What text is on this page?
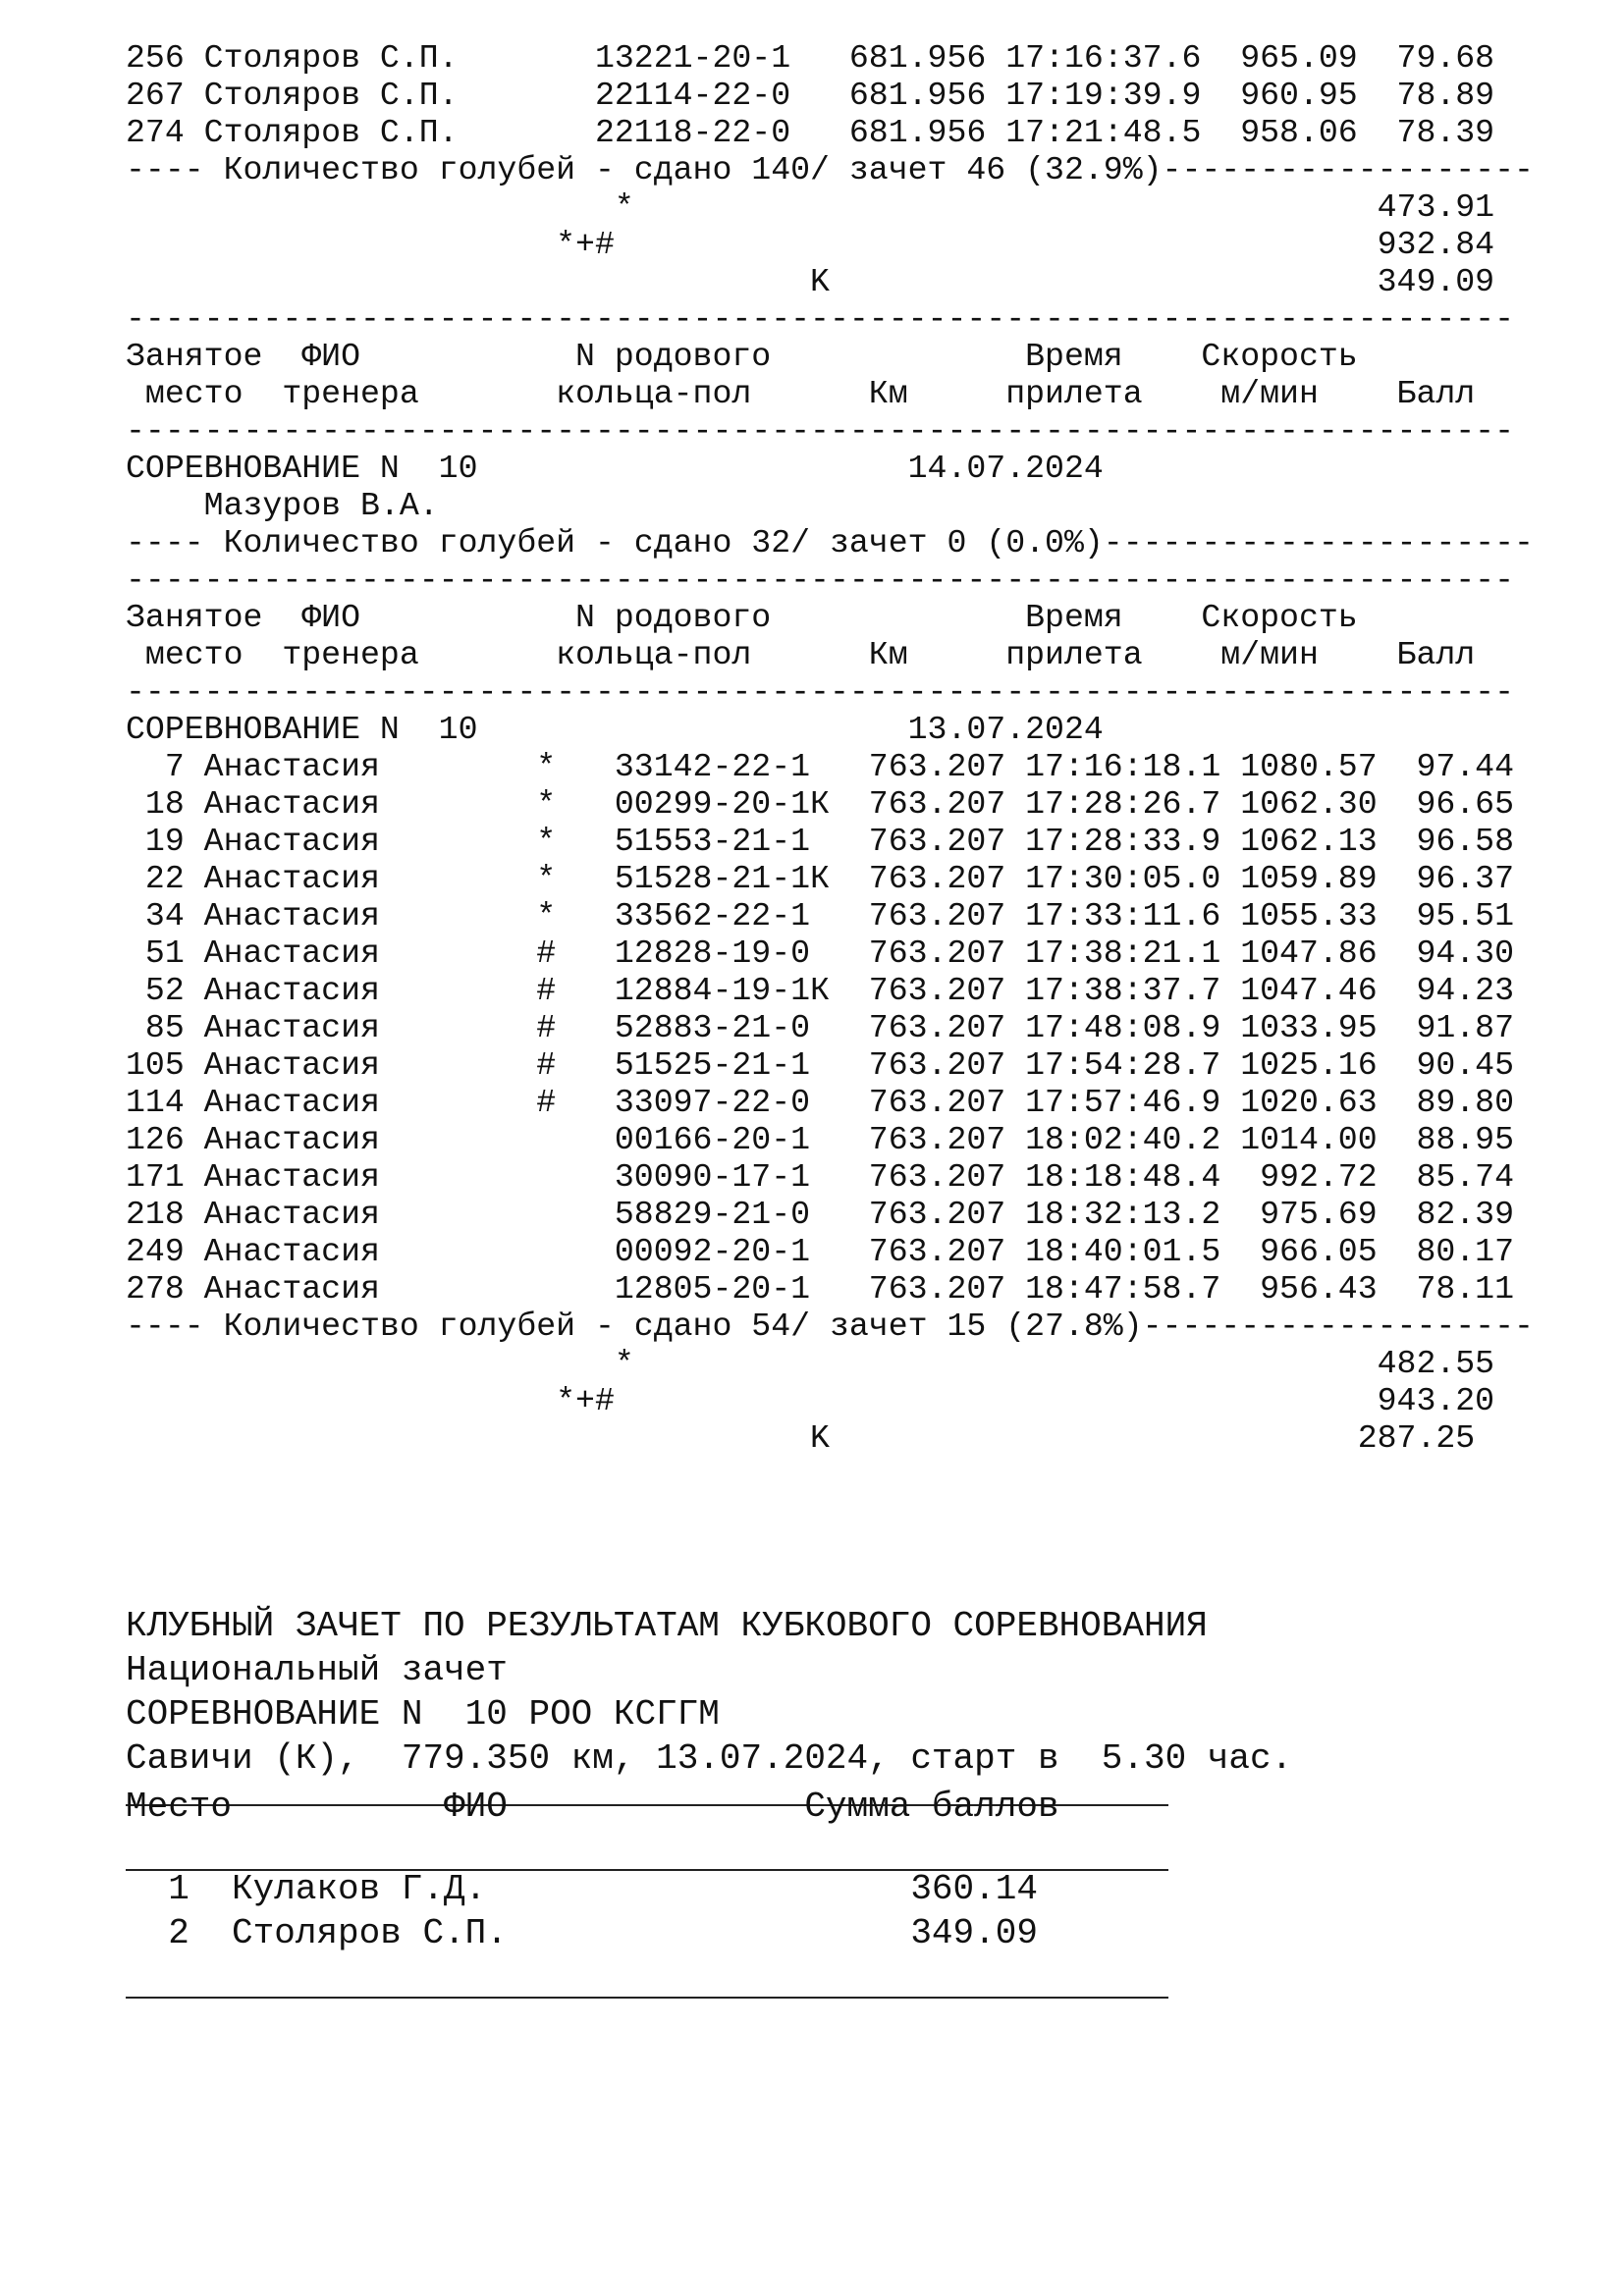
256 Столяров С.П.       13221-20-1   681.956 17:16:37.6  965.09  79.68
267 Столяров С.П.       22114-22-0   681.956 17:19:39.9  960.95  78.89
274 Столяров С.П.       22118-22-0   681.956 17:21:48.5  958.06  78.39
---- Количество голубей - сдано 140/ зачет 46 (32.9%)-------------------
*                                      473.91
*+#                                       932.84
K                            349.09
-----------------------------------------------------------------------
Занятое  ФИО           N родового             Время    Скорость
место  тренера       кольца-пол      Км     прилета    м/мин    Балл
-----------------------------------------------------------------------
СОРЕВНОВАНИЕ N  10                      14.07.2024
Мазуров В.А.
---- Количество голубей - сдано 32/ зачет 0 (0.0%)----------------------
-----------------------------------------------------------------------
Занятое  ФИО           N родового             Время    Скорость
место  тренера       кольца-пол      Км     прилета    м/мин    Балл
-----------------------------------------------------------------------
СОРЕВНОВАНИЕ N  10                      13.07.2024
7 Анастасия        *   33142-22-1   763.207 17:16:18.1 1080.57  97.44
18 Анастасия        *   00299-20-1К  763.207 17:28:26.7 1062.30  96.65
19 Анастасия        *   51553-21-1   763.207 17:28:33.9 1062.13  96.58
22 Анастасия        *   51528-21-1К  763.207 17:30:05.0 1059.89  96.37
34 Анастасия        *   33562-22-1   763.207 17:33:11.6 1055.33  95.51
51 Анастасия        #   12828-19-0   763.207 17:38:21.1 1047.86  94.30
52 Анастасия        #   12884-19-1К  763.207 17:38:37.7 1047.46  94.23
85 Анастасия        #   52883-21-0   763.207 17:48:08.9 1033.95  91.87
105 Анастасия        #   51525-21-1   763.207 17:54:28.7 1025.16  90.45
114 Анастасия        #   33097-22-0   763.207 17:57:46.9 1020.63  89.80
126 Анастасия            00166-20-1   763.207 18:02:40.2 1014.00  88.95
171 Анастасия            30090-17-1   763.207 18:18:48.4  992.72  85.74
218 Анастасия            58829-21-0   763.207 18:32:13.2  975.69  82.39
249 Анастасия            00092-20-1   763.207 18:40:01.5  966.05  80.17
278 Анастасия            12805-20-1   763.207 18:47:58.7  956.43  78.11
---- Количество голубей - сдано 54/ зачет 15 (27.8%)--------------------
*                                      482.55
*+#                                       943.20
K                           287.25
КЛУБНЫЙ ЗАЧЕТ ПО РЕЗУЛЬТАТАМ КУБКОВОГО СОРЕВНОВАНИЯ
Национальный зачет
СОРЕВНОВАНИЕ N  10 РОО КСГГМ
Савичи (К),  779.350 км, 13.07.2024, старт в  5.30 час.
Место          ФИО              Сумма баллов
1  Кулаков Г.Д.                    360.14
2  Столяров С.П.                   349.09
